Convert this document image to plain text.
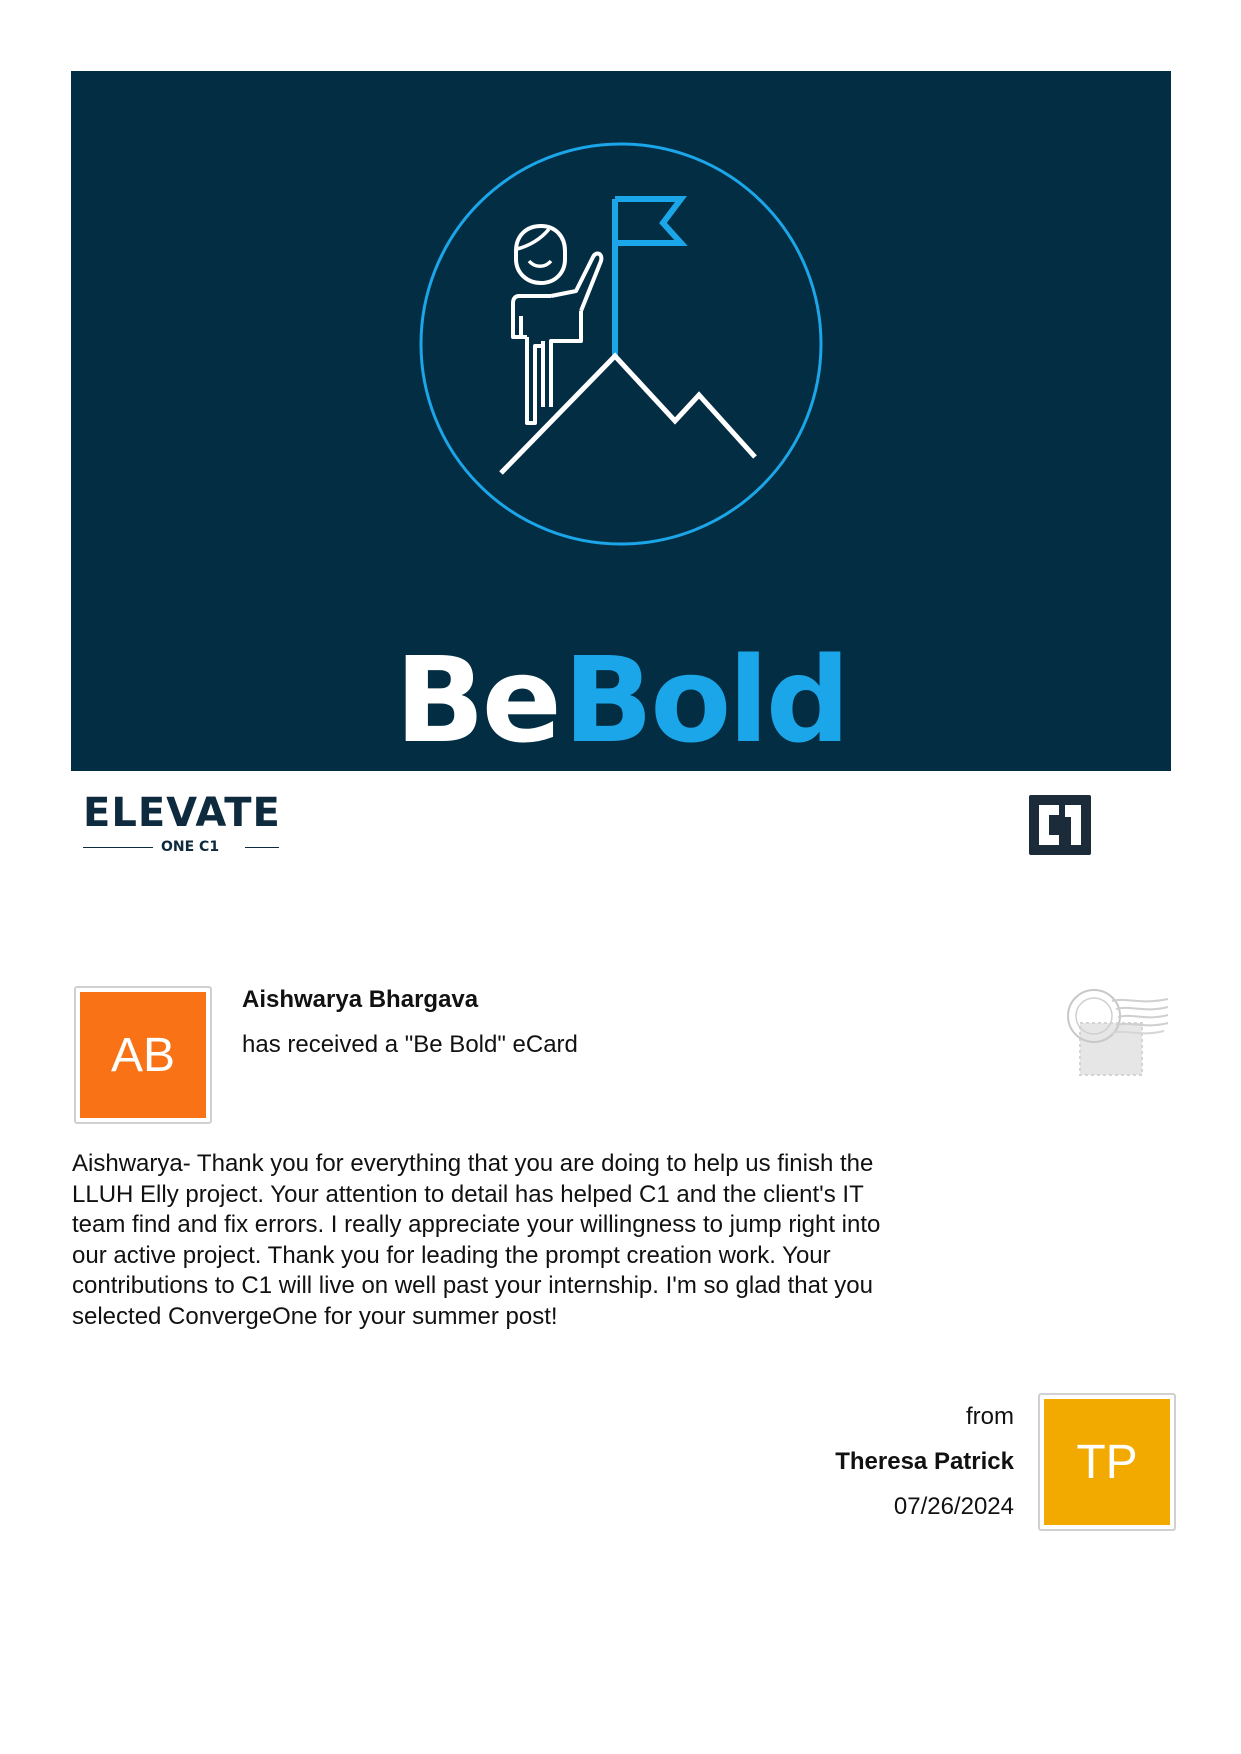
Be Bold
ELEVATE
ONE C1
AB
Aishwarya Bhargava
has received a "Be Bold" eCard
Aishwarya- Thank you for everything that you are doing to help us finish the LLUH Elly project. Your attention to detail has helped C1 and the client's IT team find and fix errors. I really appreciate your willingness to jump right into our active project. Thank you for leading the prompt creation work. Your contributions to C1 will live on well past your internship. I'm so glad that you selected ConvergeOne for your summer post!
from
Theresa Patrick
07/26/2024
TP
